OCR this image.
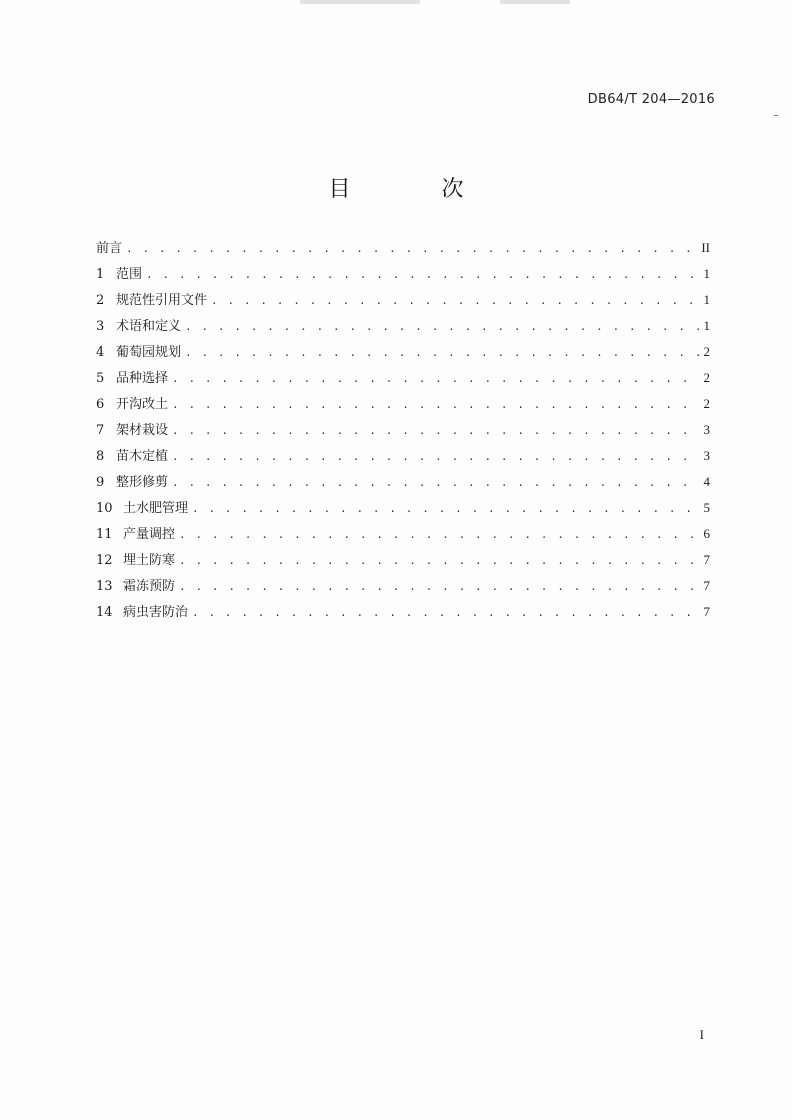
DB64/T 204—2016
目 次
前言 . . .	II
1 范围 . . .	1
2 规范性引用文件 . . .	1
3 术语和定义 . . .	1
4 葡萄园规划 . . .	2
5 品种选择 . . .	2
6 开沟改土 . . .	2
7 架材栽设 . . .	3
8 苗木定植 . . .	3
9 整形修剪 . . .	4
10 土水肥管理 . . .	5
11 产量调控 . . .	6
12 埋土防寒 . . .	7
13 霜冻预防 . . .	7
14 病虫害防治 . . .	7
I
